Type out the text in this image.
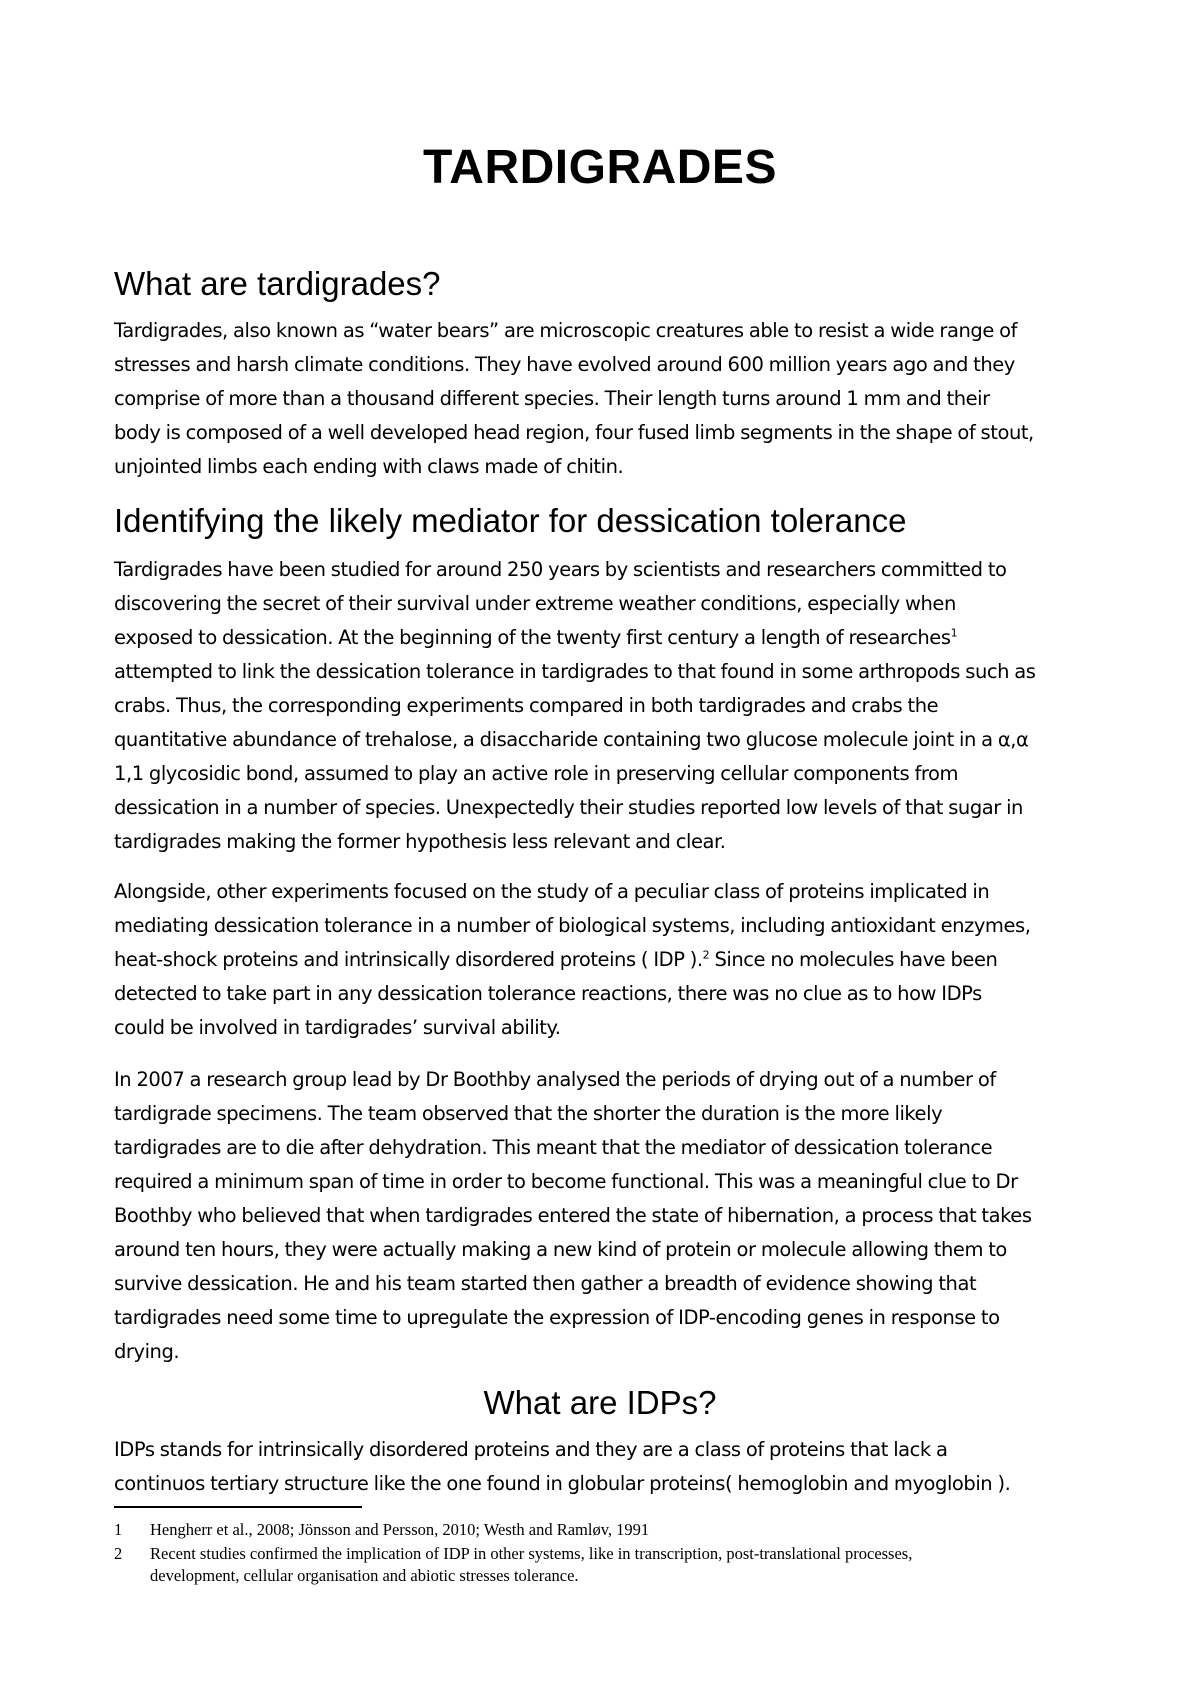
TARDIGRADES
What are tardigrades?

Tardigrades, also known as “water bears” are microscopic creatures able to resist a wide range of
stresses and harsh climate conditions. They have evolved around 600 million years ago and they
comprise of more than a thousand different species. Their length turns around 1 mm and their
body is composed of a well developed head region, four fused limb segments in the shape of stout,
unjointed limbs each ending with claws made of chitin.

Identifying the likely mediator for dessication tolerance

Tardigrades have been studied for around 250 years by scientists and researchers committed to
discovering the secret of their survival under extreme weather conditions, especially when
exposed to dessication. At the beginning of the twenty first century a length of researches$^1$
attempted to link the dessication tolerance in tardigrades to that found in some arthropods such as
crabs. Thus, the corresponding experiments compared in both tardigrades and crabs the
quantitative abundance of trehalose, a disaccharide containing two glucose molecule joint in a α,α
1,1 glycosidic bond, assumed to play an active role in preserving cellular components from
dessication in a number of species. Unexpectedly their studies reported low levels of that sugar in
tardigrades making the former hypothesis less relevant and clear.

Alongside, other experiments focused on the study of a peculiar class of proteins implicated in
mediating dessication tolerance in a number of biological systems, including antioxidant enzymes,
heat-shock proteins and intrinsically disordered proteins ( IDP ).$^2$ Since no molecules have been
detected to take part in any dessication tolerance reactions, there was no clue as to how IDPs
could be involved in tardigrades’ survival ability.

In 2007 a research group lead by Dr Boothby analysed the periods of drying out of a number of
tardigrade specimens. The team observed that the shorter the duration is the more likely
tardigrades are to die after dehydration. This meant that the mediator of dessication tolerance
required a minimum span of time in order to become functional. This was a meaningful clue to Dr
Boothby who believed that when tardigrades entered the state of hibernation, a process that takes
around ten hours, they were actually making a new kind of protein or molecule allowing them to
survive dessication. He and his team started then gather a breadth of evidence showing that
tardigrades need some time to upregulate the expression of IDP-encoding genes in response to
drying.

What are IDPs?

IDPs stands for intrinsically disordered proteins and they are a class of proteins that lack a
continuos tertiary structure like the one found in globular proteins( hemoglobin and myoglobin ).

1 Hengherr et al., 2008; Jönsson and Persson, 2010; Westh and Ramløv, 1991
2 Recent studies confirmed the implication of IDP in other systems, like in transcription, post-translational processes,
development, cellular organisation and abiotic stresses tolerance.
